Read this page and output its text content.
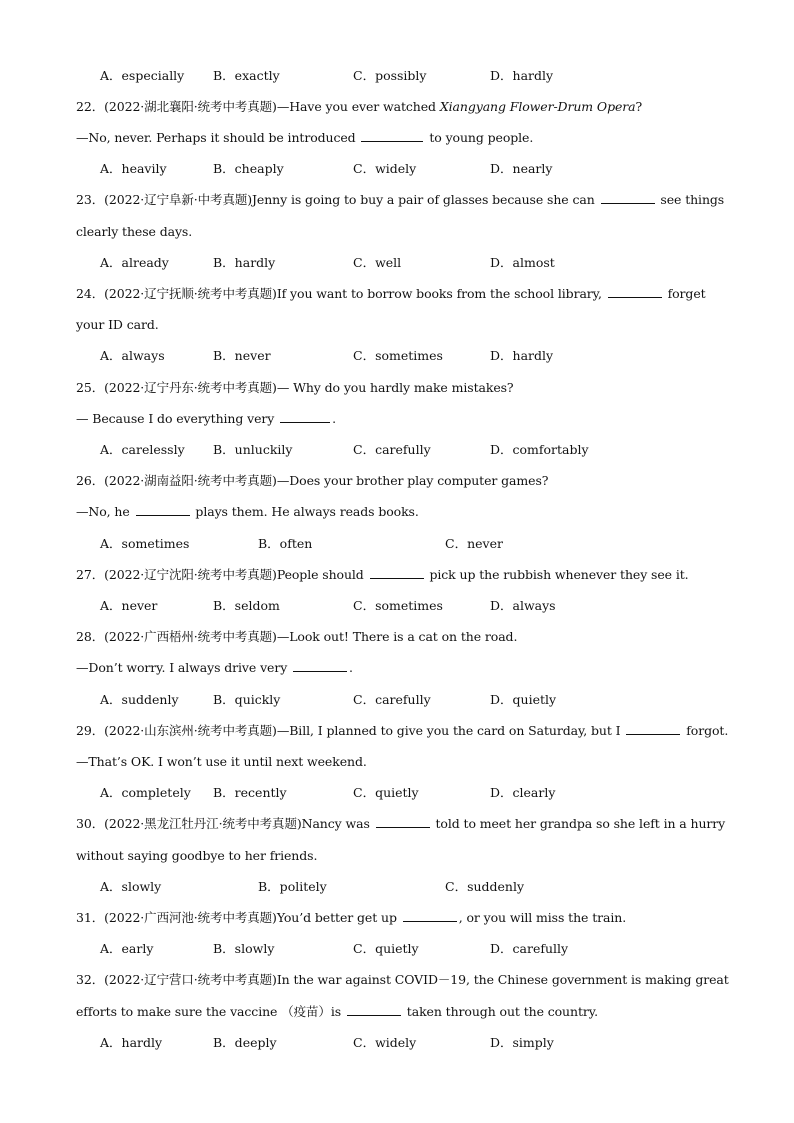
A．especially B．exactly	C．possibly	D．hardly
22．(2022·湖北襄阳·统考中考真题)—Have you ever watched Xiangyang Flower-Drum Opera?
—No, never. Perhaps it should be introduced	to young people.
A．heavily	B．cheaply	C．widely	D．nearly
23．(2022·辽宁阜新·中考真题)Jenny is going to buy a pair of glasses because she can	see things
clearly these days.
A．already	B．hardly	C．well	D．almost
24．(2022·辽宁抚顺·统考中考真题)If you want to borrow books from the school library,	forget
your ID card.
A．always	B．never	C．sometimes	D．hardly
25．(2022·辽宁丹东·统考中考真题)— Why do you hardly make mistakes?
— Because I do everything very	.
A．carelessly B．unluckily	C．carefully	D．comfortably
26．(2022·湖南益阳·统考中考真题)—Does your brother play computer games?
—No, he	plays them. He always reads books.
A．sometimes	B．often	C．never
27．(2022·辽宁沈阳·统考中考真题)People should	pick up the rubbish whenever they see it.
A．never	B．seldom	C．sometimes	D．always
28．(2022·广西梧州·统考中考真题)—Look out! There is a cat on the road.
—Don’t worry. I always drive very	.
A．suddenly	B．quickly	C．carefully	D．quietly
29．(2022·山东滨州·统考中考真题)—Bill, I planned to give you the card on Saturday, but I	forgot.
—That’s OK. I won’t use it until next weekend.
A．completely B．recently	C．quietly	D．clearly
30．(2022·黑龙江牡丹江·统考中考真题)Nancy was	told to meet her grandpa so she left in a hurry
without saying goodbye to her friends.
A．slowly	B．politely	C．suddenly
31．(2022·广西河池·统考中考真题)You’d better get up	, or you will miss the train.
A．early	B．slowly	C．quietly	D．carefully
32．(2022·辽宁营口·统考中考真题)In the war against COVID－19, the Chinese government is making great
efforts to make sure the vaccine （疫苗）is	taken through out the country.
A．hardly	B．deeply	C．widely	D．simply
